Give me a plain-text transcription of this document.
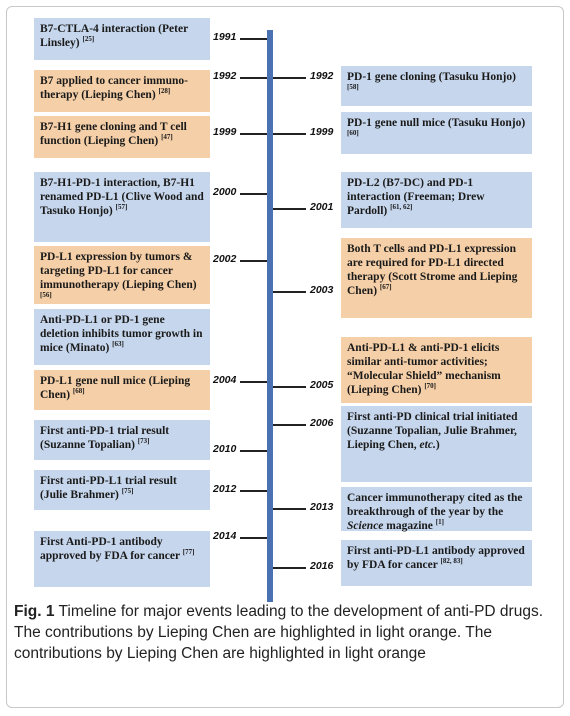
B7-CTLA-4 interaction (Peter Linsley) [25]	1991
B7 applied to cancer immuno-therapy (Lieping Chen) [28]
1992
B7-H1 gene cloning and T cell function (Lieping Chen) [47]	1999
B7-H1-PD-1 interaction, B7-H1 renamed PD-L1 (Clive Wood and Tasuko Honjo) [57]
2000
PD-L1 expression by tumors & targeting PD-L1 for cancer immunotherapy (Lieping Chen) [56]
2002
Anti-PD-L1 or PD-1 gene deletion inhibits tumor growth in mice (Minato) [63]
PD-L1 gene null mice (Lieping Chen) [68]
2004
First anti-PD-1 trial result (Suzanne Topalian) [73]
2010
First anti-PD-L1 trial result (Julie Brahmer) [75]	2012
First Anti-PD-1 antibody approved by FDA for cancer [77]
2014
PD-1 gene cloning (Tasuku Honjo) [58]
1992
PD-1 gene null mice (Tasuku Honjo) [60]
1999
PD-L2 (B7-DC) and PD-1 interaction (Freeman; Drew Pardoll) [61, 62]
2001
Both T cells and PD-L1 expression are required for PD-L1 directed therapy (Scott Strome and Lieping Chen) [67]
2003
Anti-PD-L1 & anti-PD-1 elicits similar anti-tumor activities; “Molecular Shield” mechanism (Lieping Chen) [70]
2005
First anti-PD clinical trial initiated (Suzanne Topalian, Julie Brahmer, Lieping Chen, etc.)
2006
Cancer immunotherapy cited as the breakthrough of the year by the Science magazine [1]
2013
First anti-PD-L1 antibody approved by FDA for cancer [82, 83]
2016
Fig. 1 Timeline for major events leading to the development of anti-PD drugs. The contributions by Lieping Chen are highlighted in light orange. The contributions by Lieping Chen are highlighted in light orange
